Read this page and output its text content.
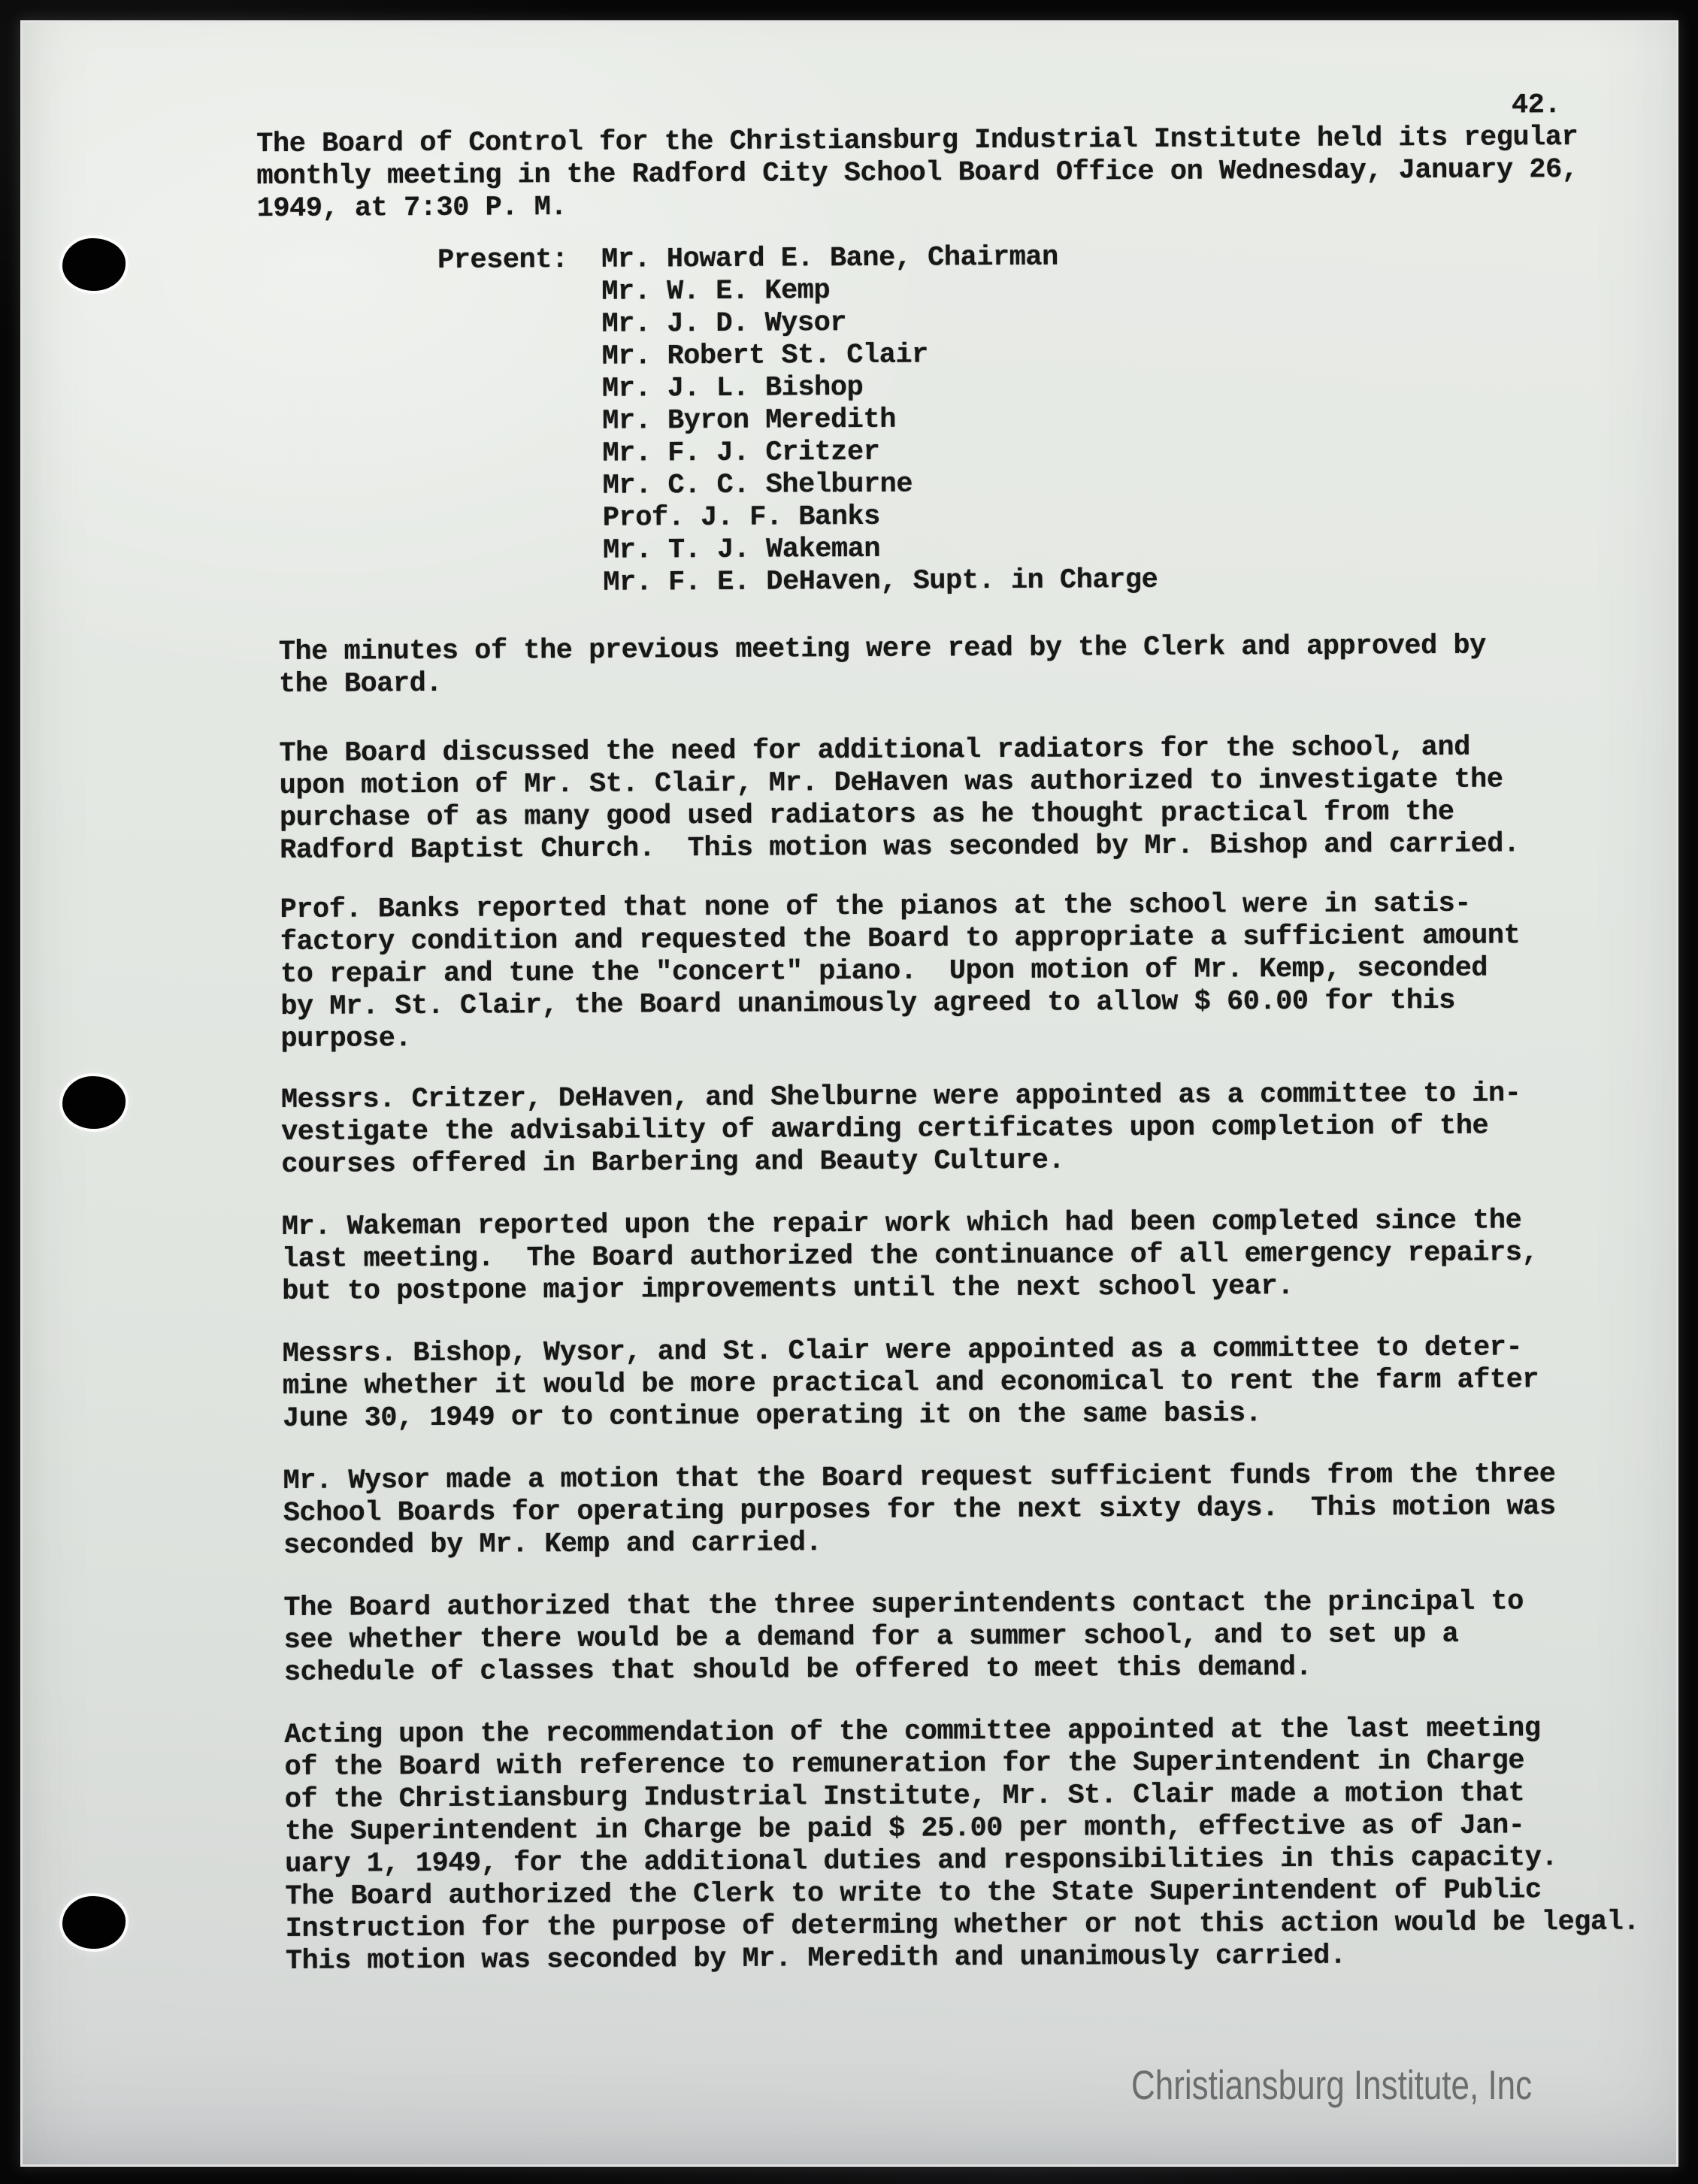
42.
The Board of Control for the Christiansburg Industrial Institute held its regular
monthly meeting in the Radford City School Board Office on Wednesday, January 26,
1949, at 7:30 P. M.
Present: Mr. Howard E. Bane, Chairman
Mr. W. E. Kemp
Mr. J. D. Wysor
Mr. Robert St. Clair
Mr. J. L. Bishop
Mr. Byron Meredith
Mr. F. J. Critzer
Mr. C. C. Shelburne
Prof. J. F. Banks
Mr. T. J. Wakeman
Mr. F. E. DeHaven, Supt. in Charge
The minutes of the previous meeting were read by the Clerk and approved by
the Board.
The Board discussed the need for additional radiators for the school, and
upon motion of Mr. St. Clair, Mr. DeHaven was authorized to investigate the
purchase of as many good used radiators as he thought practical from the
Radford Baptist Church.  This motion was seconded by Mr. Bishop and carried.
Prof. Banks reported that none of the pianos at the school were in satis-
factory condition and requested the Board to appropriate a sufficient amount
to repair and tune the "concert" piano.  Upon motion of Mr. Kemp, seconded
by Mr. St. Clair, the Board unanimously agreed to allow $ 60.00 for this
purpose.
Messrs. Critzer, DeHaven, and Shelburne were appointed as a committee to in-
vestigate the advisability of awarding certificates upon completion of the
courses offered in Barbering and Beauty Culture.
Mr. Wakeman reported upon the repair work which had been completed since the
last meeting.  The Board authorized the continuance of all emergency repairs,
but to postpone major improvements until the next school year.
Messrs. Bishop, Wysor, and St. Clair were appointed as a committee to deter-
mine whether it would be more practical and economical to rent the farm after
June 30, 1949 or to continue operating it on the same basis.
Mr. Wysor made a motion that the Board request sufficient funds from the three
School Boards for operating purposes for the next sixty days.  This motion was
seconded by Mr. Kemp and carried.
The Board authorized that the three superintendents contact the principal to
see whether there would be a demand for a summer school, and to set up a
schedule of classes that should be offered to meet this demand.
Acting upon the recommendation of the committee appointed at the last meeting
of the Board with reference to remuneration for the Superintendent in Charge
of the Christiansburg Industrial Institute, Mr. St. Clair made a motion that
the Superintendent in Charge be paid $ 25.00 per month, effective as of Jan-
uary 1, 1949, for the additional duties and responsibilities in this capacity.
The Board authorized the Clerk to write to the State Superintendent of Public
Instruction for the purpose of determing whether or not this action would be legal.
This motion was seconded by Mr. Meredith and unanimously carried.
Christiansburg Institute, Inc
